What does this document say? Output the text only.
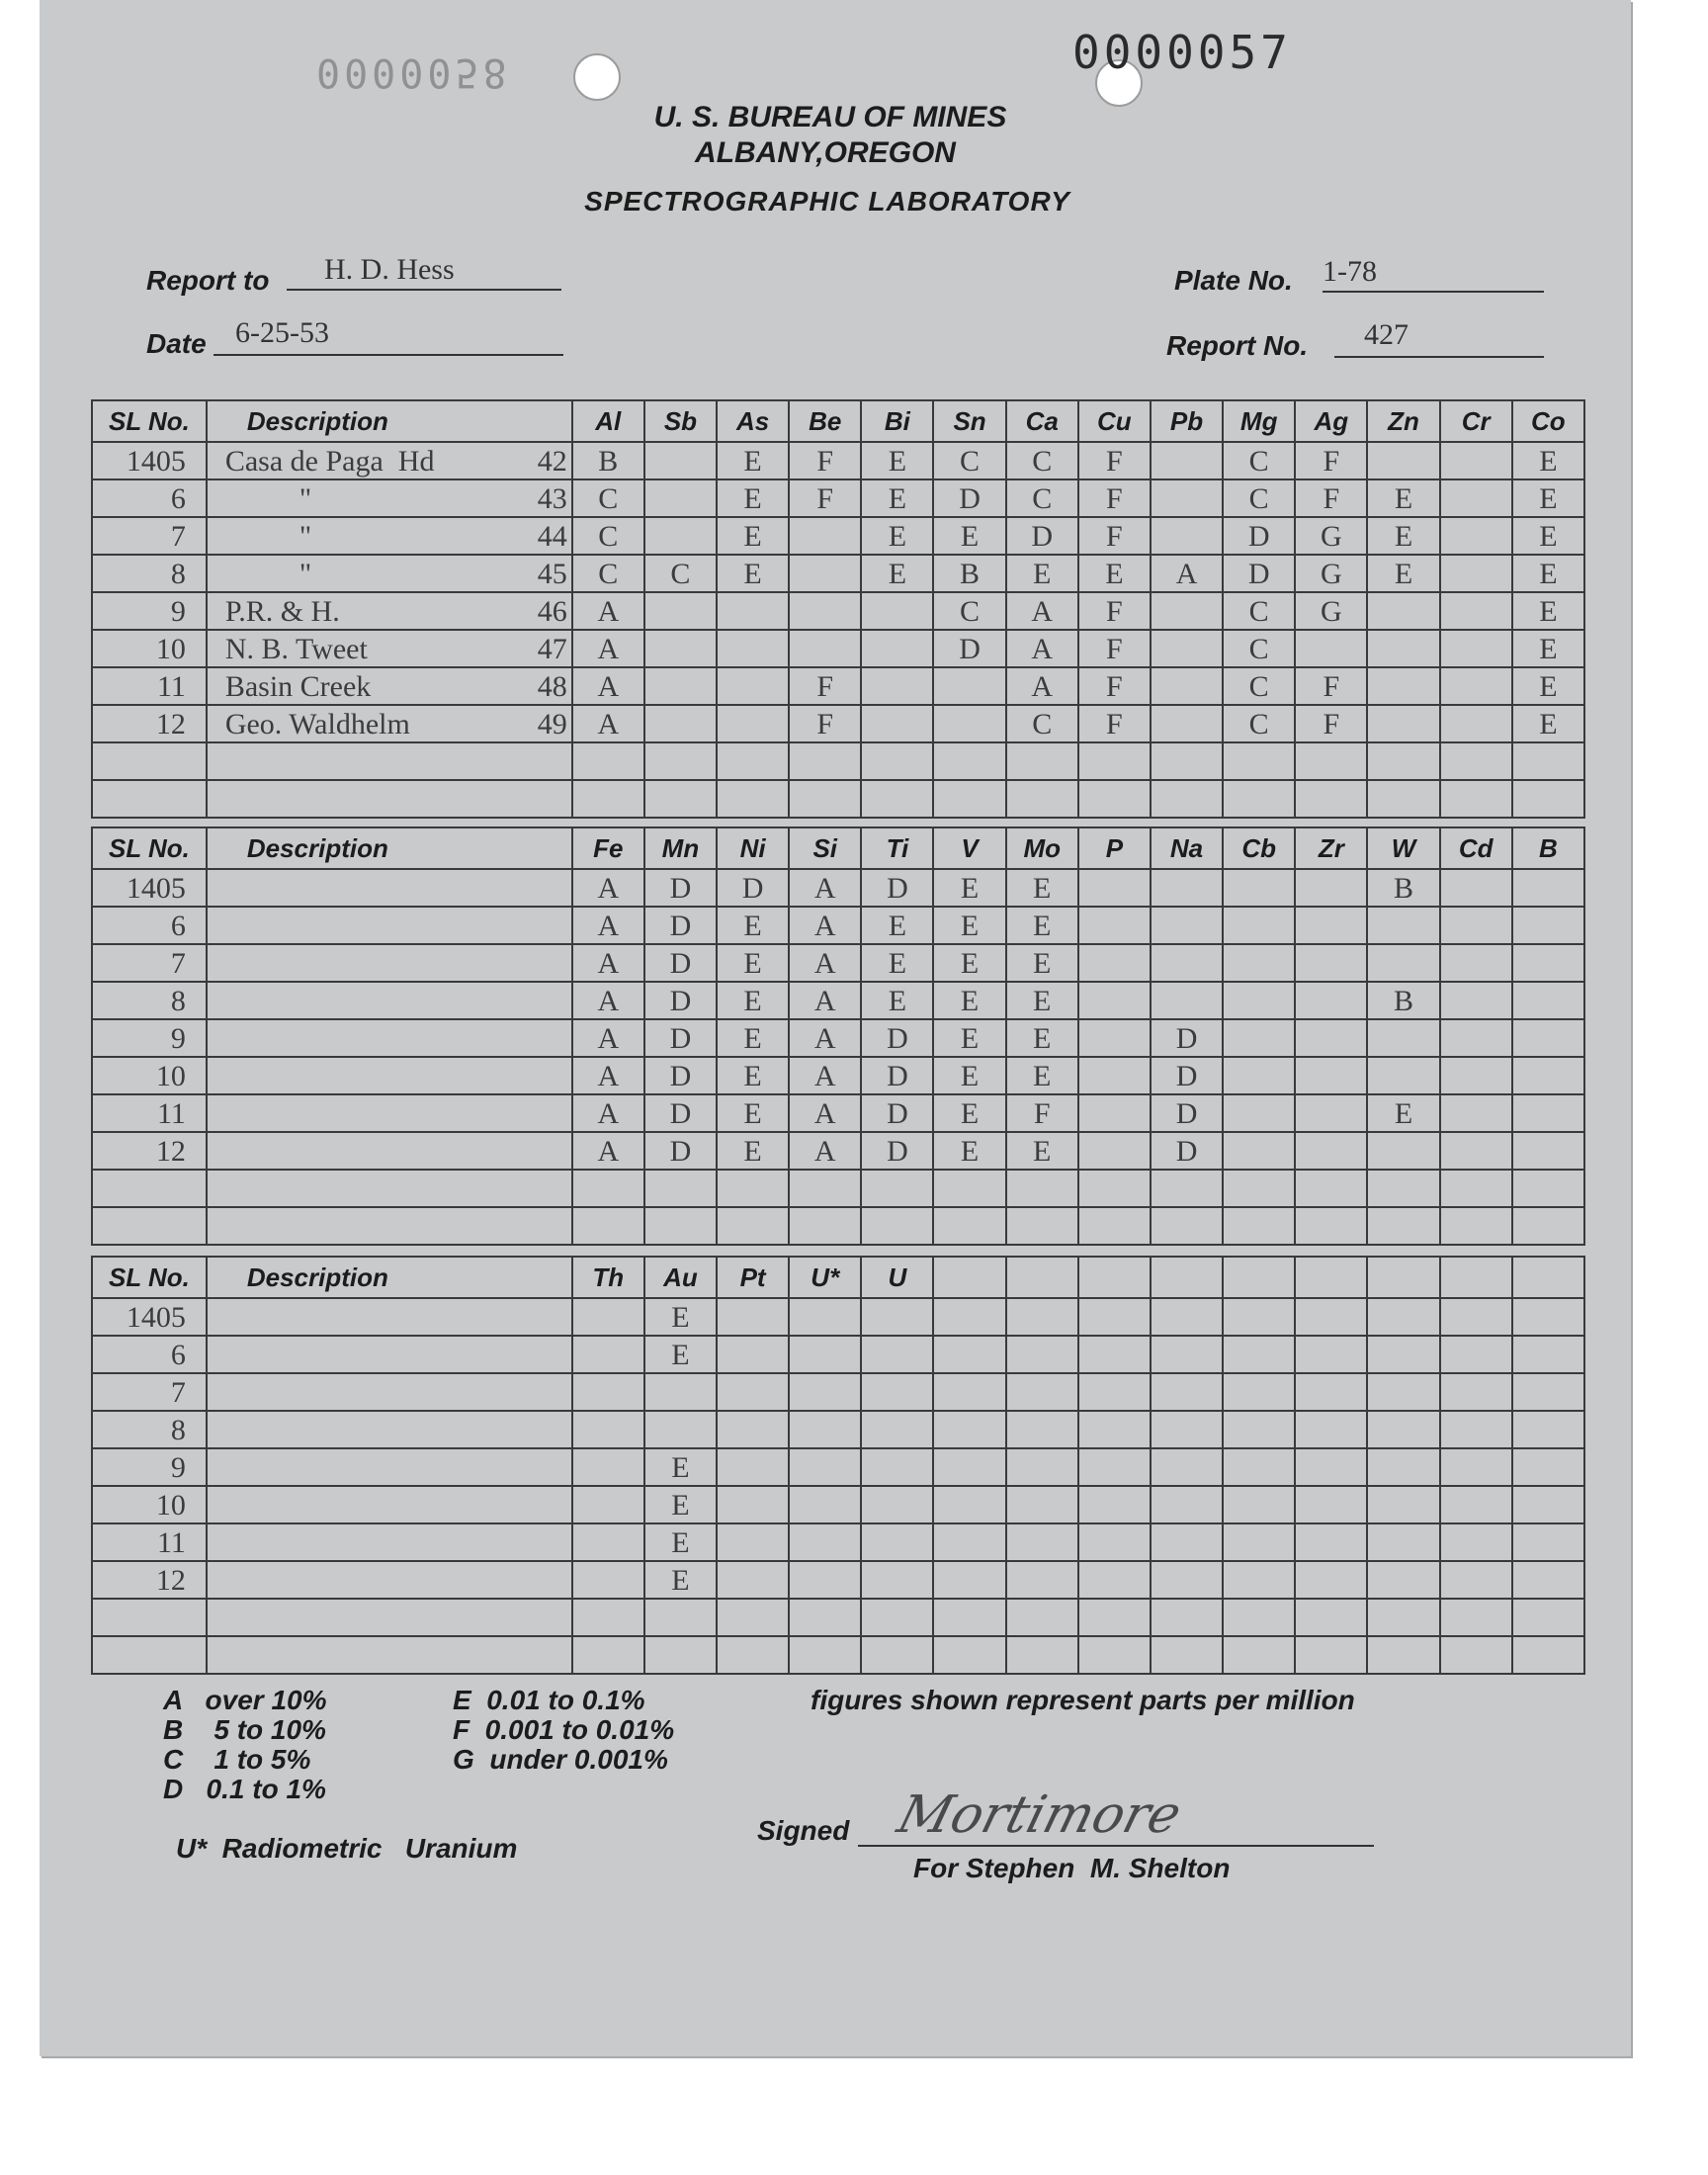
0000058	0000057
U. S. BUREAU OF MINES
ALBANY,OREGON
SPECTROGRAPHIC LABORATORY
Report to H. D. Hess
Date 6-25-53
Plate No. 1-78
Report No. 427
SL No.	Description	Al	Sb	As	Be	Bi	Sn	Ca	Cu	Pb	Mg	Ag	Zn	Cr	Co
1405	Casa de Paga  Hd 42	B		E	F	E	C	C	F		C	F			E
6	" 43	C		E	F	E	D	C	F		C	F	E		E
7	" 44	C		E		E	E	D	F		D	G	E		E
8	" 45	C	C	E		E	B	E	E	A	D	G	E		E
9	P.R. & H. 46	A					C	A	F		C	G			E
10	N. B. Tweet 47	A					D	A	F		C				E
11	Basin Creek 48	A			F			A	F		C	F			E
12	Geo. Waldhelm 49	A			F			C	F		C	F			E

SL No.	Description	Fe	Mn	Ni	Si	Ti	V	Mo	P	Na	Cb	Zr	W	Cd	B
1405		A	D	D	A	D	E	E					B		
6		A	D	E	A	E	E	E							
7		A	D	E	A	E	E	E							
8		A	D	E	A	E	E	E					B		
9		A	D	E	A	D	E	E		D					
10		A	D	E	A	D	E	E		D					
11		A	D	E	A	D	E	F		D			E		
12		A	D	E	A	D	E	E		D					

SL No.	Description	Th	Au	Pt	U*	U									
1405			E												
6			E												
7	

8	

9			E												
10			E												
11			E												
12			E												

A   over 10%
B    5 to 10%
C    1 to 5%
D   0.1 to 1%
E  0.01 to 0.1%
F  0.001 to 0.01%
G  under 0.001%
figures shown represent parts per million
U*  Radiometric   Uranium
Signed Mortimore
For Stephen  M. Shelton
